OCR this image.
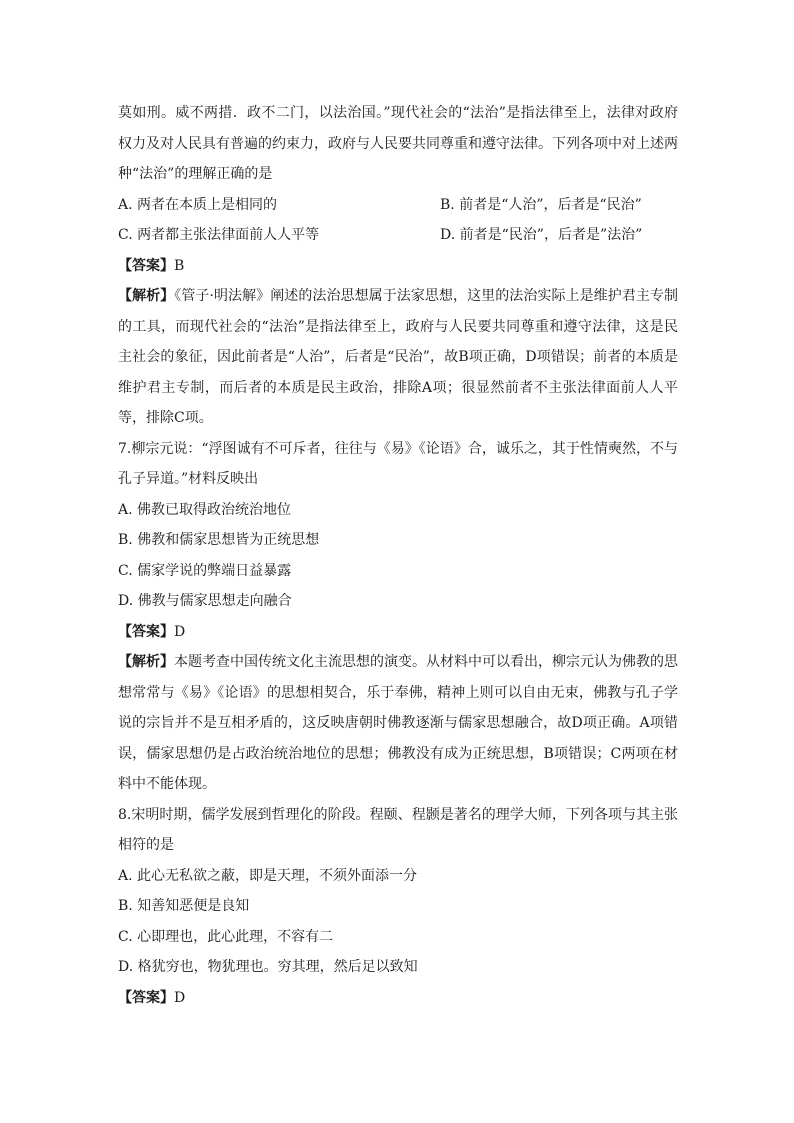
莫如刑。威不两措．政不二门，以法治国。”现代社会的“法治”是指法律至上，法律对政府权力及对人民具有普遍的约束力，政府与人民要共同尊重和遵守法律。下列各项中对上述两种“法治”的理解正确的是

A. 两者在本质上是相同的	B. 前者是“人治”，后者是“民治”
C. 两者都主张法律面前人人平等	D. 前者是“民治”，后者是”法治”

【答案】B

【解析】《管子·明法解》阐述的法治思想属于法家思想，这里的法治实际上是维护君主专制的工具，而现代社会的“法治”是指法律至上，政府与人民要共同尊重和遵守法律，这是民主社会的象征，因此前者是“人治”，后者是“民治”，故B项正确，D项错误；前者的本质是维护君主专制，而后者的本质是民主政治，排除A项；很显然前者不主张法律面前人人平等，排除C项。

7.柳宗元说：“浮图诚有不可斥者，往往与《易》《论语》合，诚乐之，其于性情奭然，不与孔子异道。”材料反映出

A. 佛教已取得政治统治地位

B. 佛教和儒家思想皆为正统思想

C. 儒家学说的弊端日益暴露

D. 佛教与儒家思想走向融合

【答案】D

【解析】本题考查中国传统文化主流思想的演变。从材料中可以看出，柳宗元认为佛教的思想常常与《易》《论语》的思想相契合，乐于奉佛，精神上则可以自由无束，佛教与孔子学说的宗旨并不是互相矛盾的，这反映唐朝时佛教逐渐与儒家思想融合，故D项正确。A项错误，儒家思想仍是占政治统治地位的思想；佛教没有成为正统思想，B项错误；C两项在材料中不能体现。

8.宋明时期，儒学发展到哲理化的阶段。程颐、程颢是著名的理学大师，下列各项与其主张相符的是

A. 此心无私欲之蔽，即是天理，不须外面添一分

B. 知善知恶便是良知

C. 心即理也，此心此理，不容有二

D. 格犹穷也，物犹理也。穷其理，然后足以致知

【答案】D
